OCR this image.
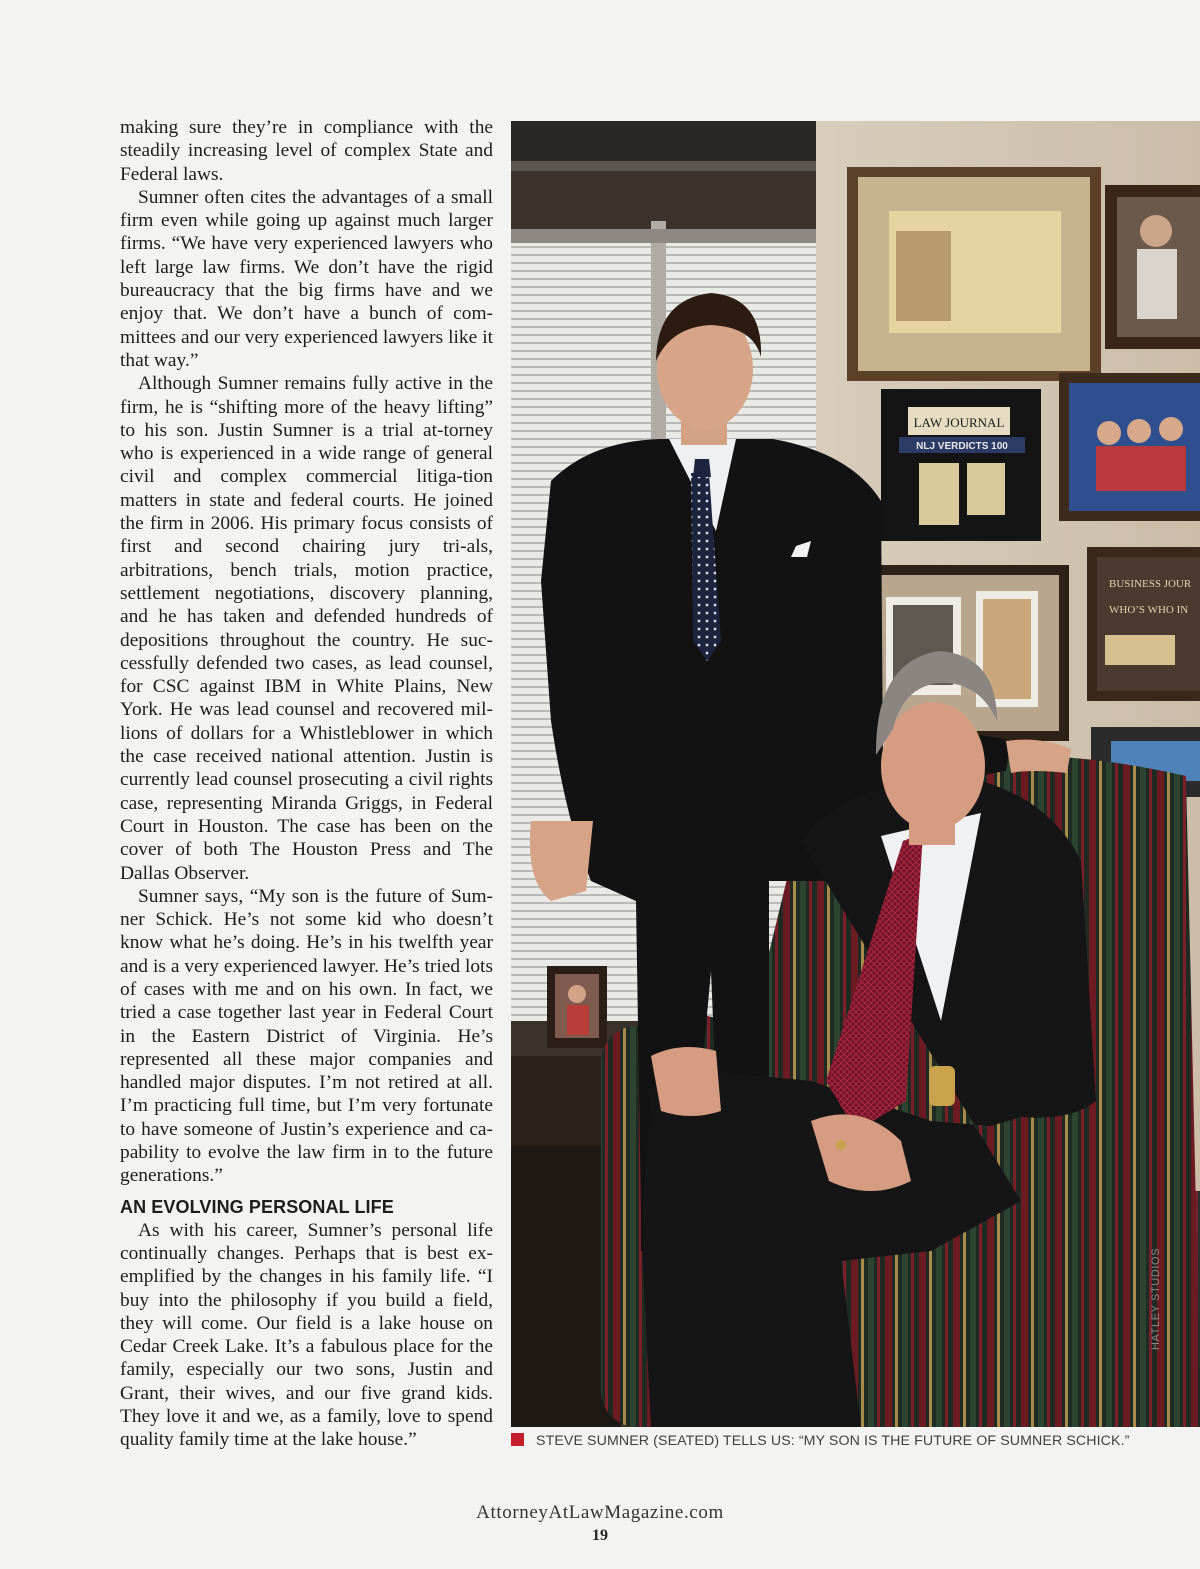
making sure they’re in compliance with the steadily increasing level of complex State and Federal laws.

Sumner often cites the advantages of a small firm even while going up against much larger firms. “We have very experienced lawyers who left large law firms. We don’t have the rigid bureaucracy that the big firms have and we enjoy that. We don’t have a bunch of com-mittees and our very experienced lawyers like it that way.”

Although Sumner remains fully active in the firm, he is “shifting more of the heavy lifting” to his son. Justin Sumner is a trial at-torney who is experienced in a wide range of general civil and complex commercial litiga-tion matters in state and federal courts. He joined the firm in 2006. His primary focus consists of first and second chairing jury tri-als, arbitrations, bench trials, motion practice, settlement negotiations, discovery planning, and he has taken and defended hundreds of depositions throughout the country. He suc-cessfully defended two cases, as lead counsel, for CSC against IBM in White Plains, New York. He was lead counsel and recovered mil-lions of dollars for a Whistleblower in which the case received national attention. Justin is currently lead counsel prosecuting a civil rights case, representing Miranda Griggs, in Federal Court in Houston. The case has been on the cover of both The Houston Press and The Dallas Observer.

Sumner says, “My son is the future of Sum-ner Schick. He’s not some kid who doesn’t know what he’s doing. He’s in his twelfth year and is a very experienced lawyer. He’s tried lots of cases with me and on his own. In fact, we tried a case together last year in Federal Court in the Eastern District of Virginia. He’s represented all these major companies and handled major disputes. I’m not retired at all. I’m practicing full time, but I’m very fortunate to have someone of Justin’s experience and ca-pability to evolve the law firm in to the future generations.”

AN EVOLVING PERSONAL LIFE

As with his career, Sumner’s personal life continually changes. Perhaps that is best ex-emplified by the changes in his family life. “I buy into the philosophy if you build a field, they will come. Our field is a lake house on Cedar Creek Lake. It’s a fabulous place for the family, especially our two sons, Justin and Grant, their wives, and our five grand kids. They love it and we, as a family, love to spend quality family time at the lake house.”

LAW JOURNAL
NLJ VERDICTS 100
BUSINESS JOUR
WHO’S WHO IN
HATLEY STUDIOS
STEVE SUMNER (SEATED) TELLS US: “MY SON IS THE FUTURE OF SUMNER SCHICK.”
AttorneyAtLawMagazine.com
19
